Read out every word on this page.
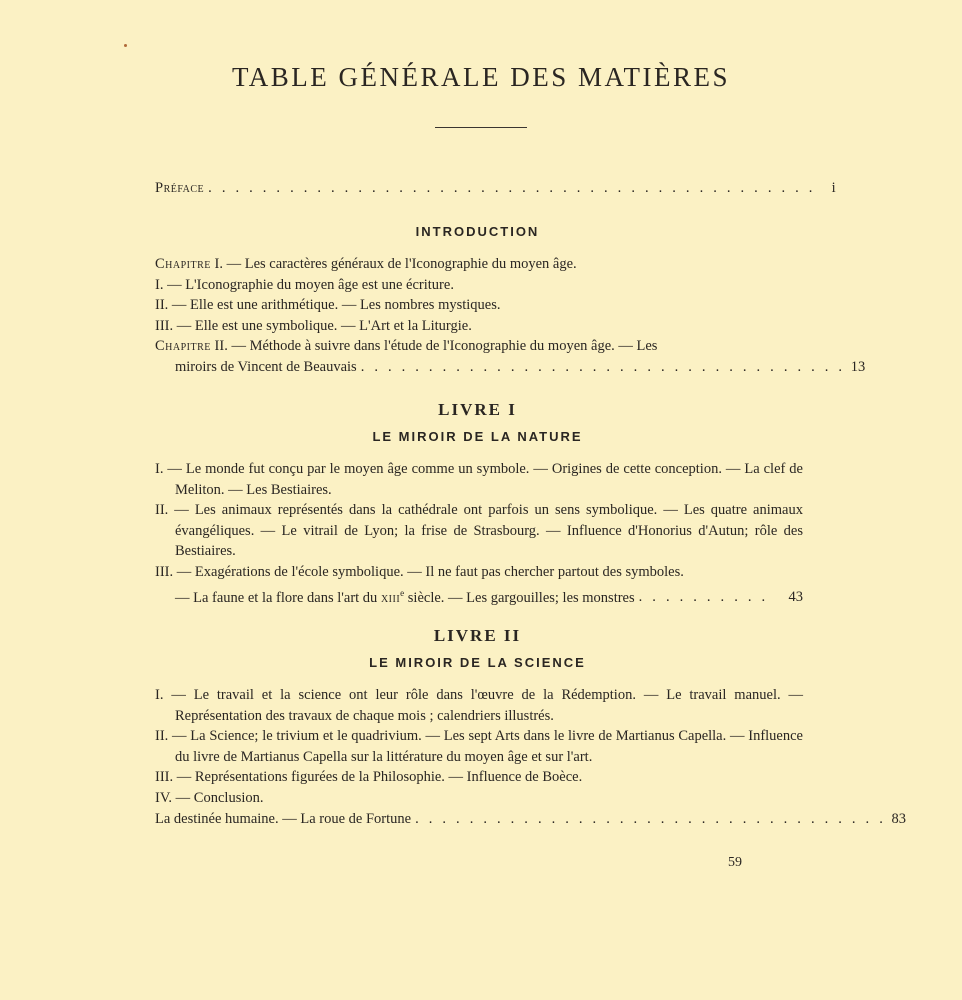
TABLE GÉNÉRALE DES MATIÈRES
Préface . . . . . . . . . . . . . . . . . . . . . . . . . . . . . . . . . . . . . . . . . . . . .	i
INTRODUCTION

Chapitre I. — Les caractères généraux de l'Iconographie du moyen âge.

I. — L'Iconographie du moyen âge est une écriture.

II. — Elle est une arithmétique. — Les nombres mystiques.

III. — Elle est une symbolique. — L'Art et la Liturgie.

Chapitre II. — Méthode à suivre dans l'étude de l'Iconographie du moyen âge. — Les

miroirs de Vincent de Beauvais . . . . . . . . . . . . . . . . . . . . . . . . . . . . . . . . . . . . 13
LIVRE I
LE MIROIR DE LA NATURE

I. — Le monde fut conçu par le moyen âge comme un symbole. — Origines de cette conception. — La clef de Meliton. — Les Bestiaires.

II. — Les animaux représentés dans la cathédrale ont parfois un sens symbolique. — Les quatre animaux évangéliques. — Le vitrail de Lyon; la frise de Strasbourg. — Influence d'Honorius d'Autun; rôle des Bestiaires.

III. — Exagérations de l'école symbolique. — Il ne faut pas chercher partout des symboles.

— La faune et la flore dans l'art du xiii$^e$ siècle. — Les gargouilles; les monstres . . . . . . . . . .	43
LIVRE II
LE MIROIR DE LA SCIENCE

I. — Le travail et la science ont leur rôle dans l'œuvre de la Rédemption. — Le travail manuel. — Représentation des travaux de chaque mois ; calendriers illustrés.

II. — La Science; le trivium et le quadrivium. — Les sept Arts dans le livre de Martianus Capella. — Influence du livre de Martianus Capella sur la littérature du moyen âge et sur l'art.

III. — Représentations figurées de la Philosophie. — Influence de Boèce.

IV. — Conclusion.

La destinée humaine. — La roue de Fortune . . . . . . . . . . . . . . . . . . . . . . . . . . . . . . . . . . . 83
59
